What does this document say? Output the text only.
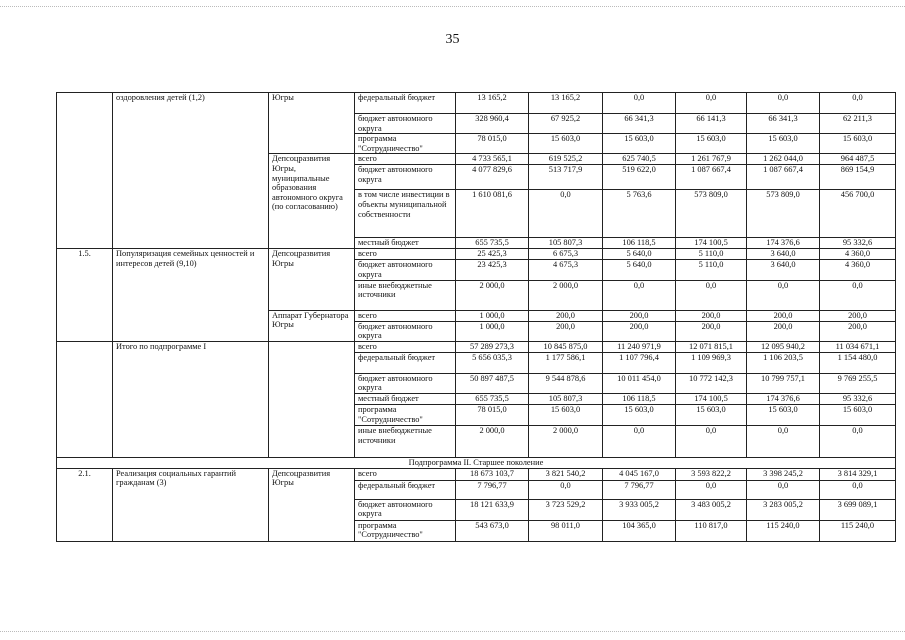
35
	оздоровления детей (1,2)	Югры	федеральный бюджет	13 165,2	13 165,2	0,0	0,0	0,0	0,0
			бюджет автономного округа	328 960,4	67 925,2	66 341,3	66 141,3	66 341,3	62 211,3
			программа "Сотрудничество"	78 015,0	15 603,0	15 603,0	15 603,0	15 603,0	15 603,0
		Депсоцразвития Югры, муниципальные образования автономного округа (по согласованию)	всего	4 733 565,1	619 525,2	625 740,5	1 261 767,9	1 262 044,0	964 487,5
			бюджет автономного округа	4 077 829,6	513 717,9	519 622,0	1 087 667,4	1 087 667,4	869 154,9
			в том числе инвестиции в объекты муниципальной собственности	1 610 081,6	0,0	5 763,6	573 809,0	573 809,0	456 700,0
			местный бюджет	655 735,5	105 807,3	106 118,5	174 100,5	174 376,6	95 332,6
1.5.	Популяризация семейных ценностей и интересов детей (9,10)	Депсоцразвития Югры	всего	25 425,3	6 675,3	5 640,0	5 110,0	3 640,0	4 360,0
			бюджет автономного округа	23 425,3	4 675,3	5 640,0	5 110,0	3 640,0	4 360,0
			иные внебюджетные источники	2 000,0	2 000,0	0,0	0,0	0,0	0,0
		Аппарат Губернатора Югры	всего	1 000,0	200,0	200,0	200,0	200,0	200,0
			бюджет автономного округа	1 000,0	200,0	200,0	200,0	200,0	200,0
	Итого по подпрограмме I		всего	57 289 273,3	10 845 875,0	11 240 971,9	12 071 815,1	12 095 940,2	11 034 671,1
			федеральный бюджет	5 656 035,3	1 177 586,1	1 107 796,4	1 109 969,3	1 106 203,5	1 154 480,0
			бюджет автономного округа	50 897 487,5	9 544 878,6	10 011 454,0	10 772 142,3	10 799 757,1	9 769 255,5
			местный бюджет	655 735,5	105 807,3	106 118,5	174 100,5	174 376,6	95 332,6
			программа "Сотрудничество"	78 015,0	15 603,0	15 603,0	15 603,0	15 603,0	15 603,0
			иные внебюджетные источники	2 000,0	2 000,0	0,0	0,0	0,0	0,0
Подпрограмма II. Старшее поколение									
2.1.	Реализация социальных гарантий гражданам (3)	Депсоцразвития Югры	всего	18 673 103,7	3 821 540,2	4 045 167,0	3 593 822,2	3 398 245,2	3 814 329,1
			федеральный бюджет	7 796,77	0,0	7 796,77	0,0	0,0	0,0
			бюджет автономного округа	18 121 633,9	3 723 529,2	3 933 005,2	3 483 005,2	3 283 005,2	3 699 089,1
			программа "Сотрудничество"	543 673,0	98 011,0	104 365,0	110 817,0	115 240,0	115 240,0
